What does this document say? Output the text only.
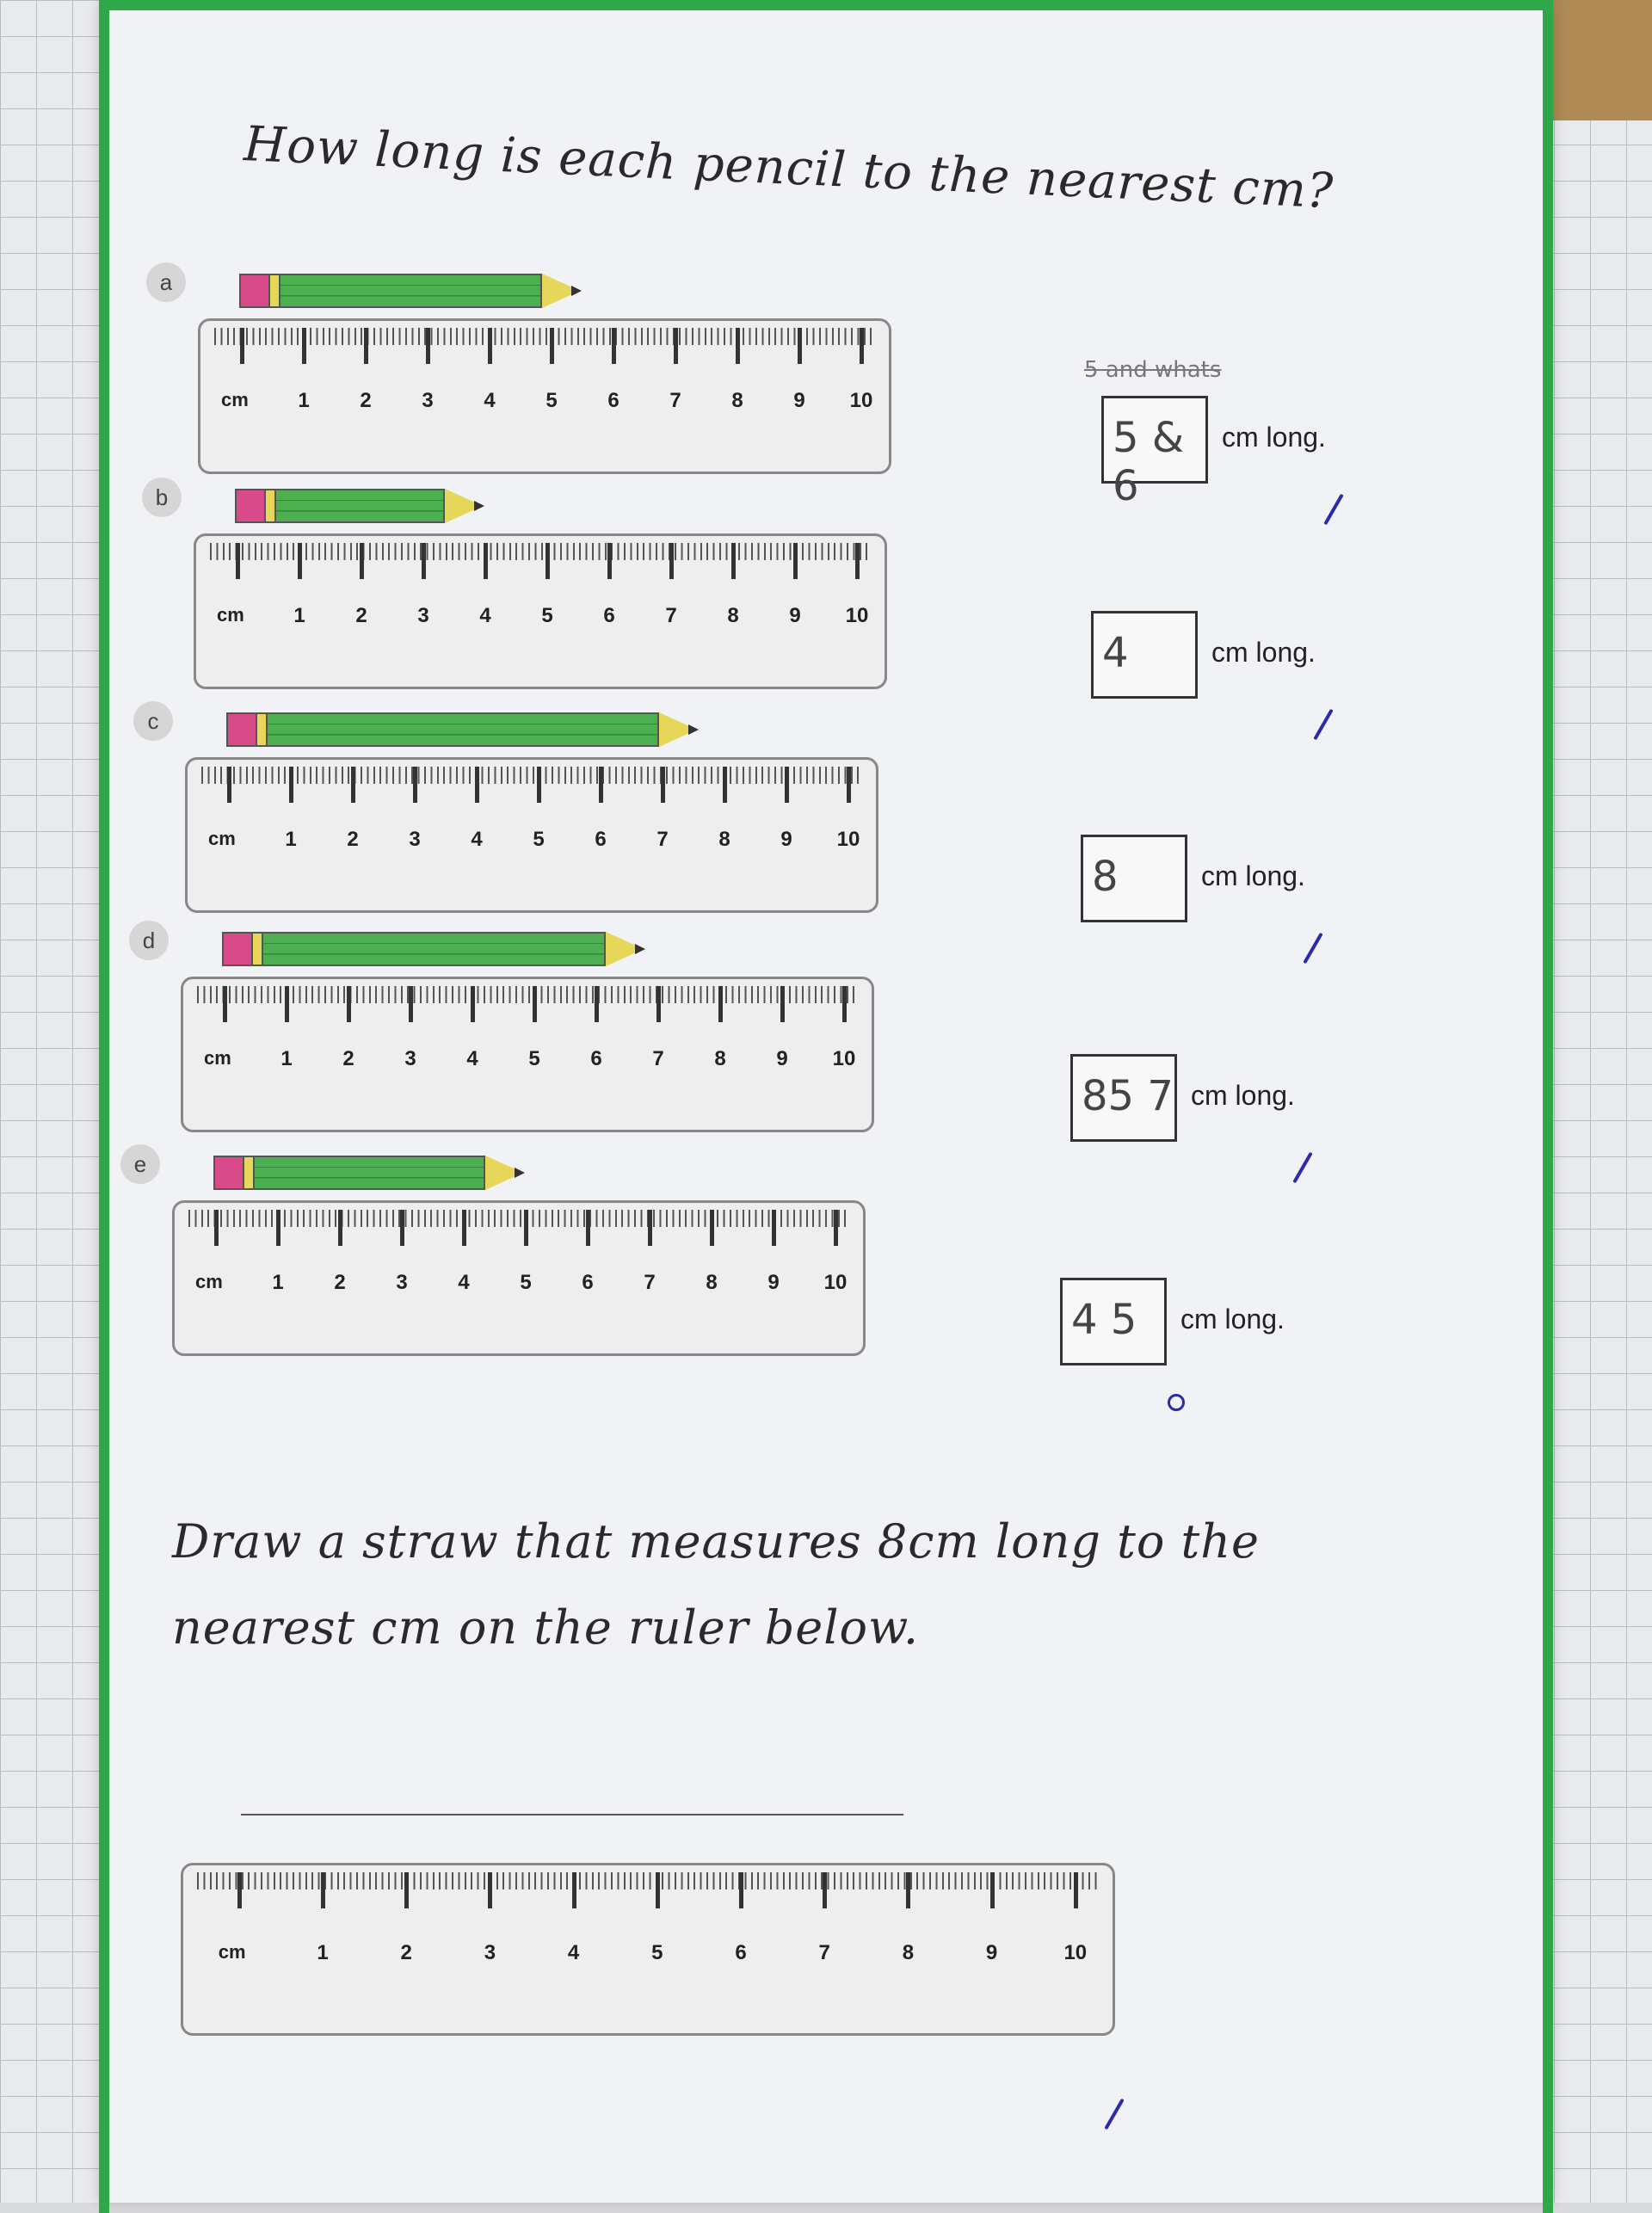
How long is each pencil to the nearest cm?
a
cm 1 2 3 4 5 6 7 8 9 10
5 & 6
cm long.
5 and whats
b
cm 1 2 3 4 5 6 7 8 9 10
4	cm long.
c
cm 1 2 3 4 5 6 7 8 9 10
8	cm long.
d
cm 1 2 3 4 5 6 7 8 9 10
85 7 cm long.
e
cm 1 2 3 4 5 6 7 8 9 10
4 5 cm long.
Draw a straw that measures 8cm long to the
nearest cm on the ruler below.
cm	1	2	3	4	5	6	7	8	9	10
